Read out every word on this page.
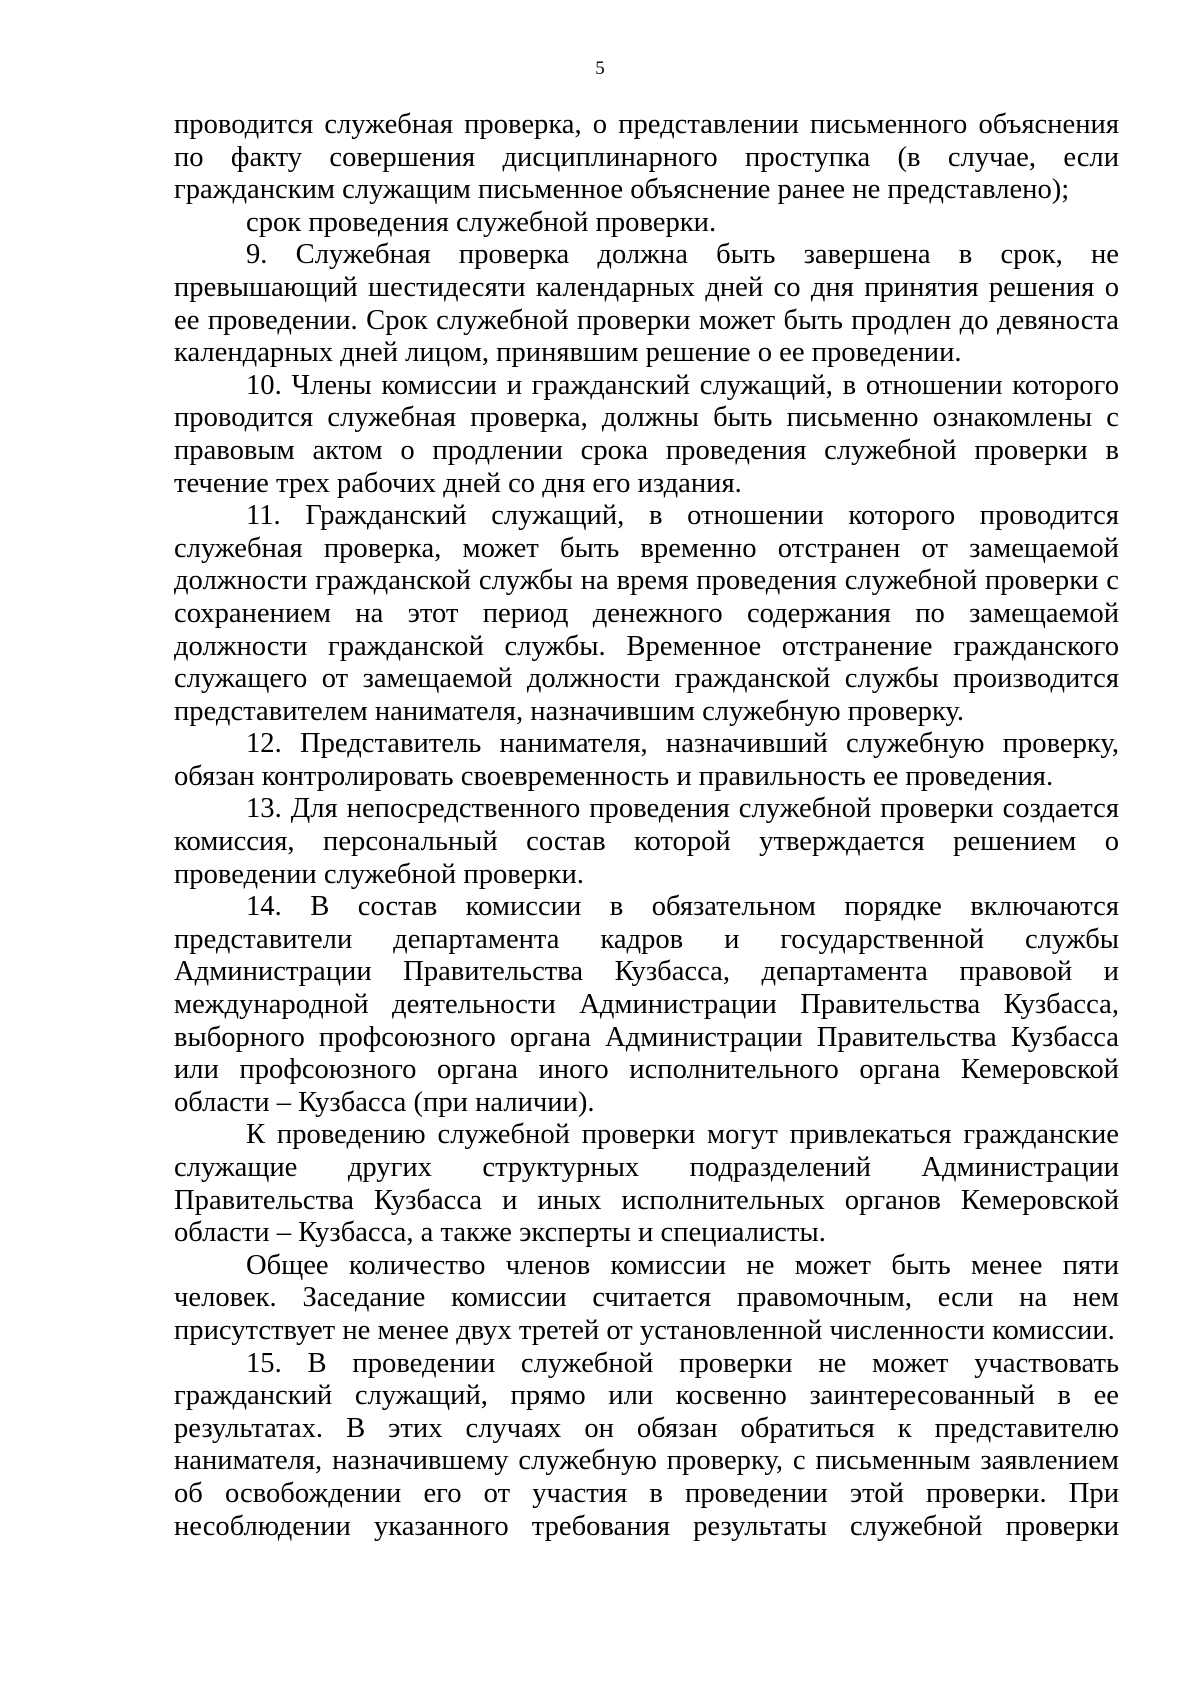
5

проводится служебная проверка, о представлении письменного объяснения по факту совершения дисциплинарного проступка (в случае, если гражданским служащим письменное объяснение ранее не представлено);

срок проведения служебной проверки.

9. Служебная проверка должна быть завершена в срок, не превышающий шестидесяти календарных дней со дня принятия решения о ее проведении. Срок служебной проверки может быть продлен до девяноста календарных дней лицом, принявшим решение о ее проведении.

10. Члены комиссии и гражданский служащий, в отношении которого проводится служебная проверка, должны быть письменно ознакомлены с правовым актом о продлении срока проведения служебной проверки в течение трех рабочих дней со дня его издания.

11. Гражданский служащий, в отношении которого проводится служебная проверка, может быть временно отстранен от замещаемой должности гражданской службы на время проведения служебной проверки с сохранением на этот период денежного содержания по замещаемой должности гражданской службы. Временное отстранение гражданского служащего от замещаемой должности гражданской службы производится представителем нанимателя, назначившим служебную проверку.

12. Представитель нанимателя, назначивший служебную проверку, обязан контролировать своевременность и правильность ее проведения.

13. Для непосредственного проведения служебной проверки создается комиссия, персональный состав которой утверждается решением о проведении служебной проверки.

14. В состав комиссии в обязательном порядке включаются представители департамента кадров и государственной службы Администрации Правительства Кузбасса, департамента правовой и международной деятельности Администрации Правительства Кузбасса, выборного профсоюзного органа Администрации Правительства Кузбасса или профсоюзного органа иного исполнительного органа Кемеровской области – Кузбасса (при наличии).

К проведению служебной проверки могут привлекаться гражданские служащие других структурных подразделений Администрации Правительства Кузбасса и иных исполнительных органов Кемеровской области – Кузбасса, а также эксперты и специалисты.

Общее количество членов комиссии не может быть менее пяти человек. Заседание комиссии считается правомочным, если на нем присутствует не менее двух третей от установленной численности комиссии.

15. В проведении служебной проверки не может участвовать гражданский служащий, прямо или косвенно заинтересованный в ее результатах. В этих случаях он обязан обратиться к представителю нанимателя, назначившему служебную проверку, с письменным заявлением об освобождении его от участия в проведении этой проверки. При несоблюдении указанного требования результаты служебной проверки
